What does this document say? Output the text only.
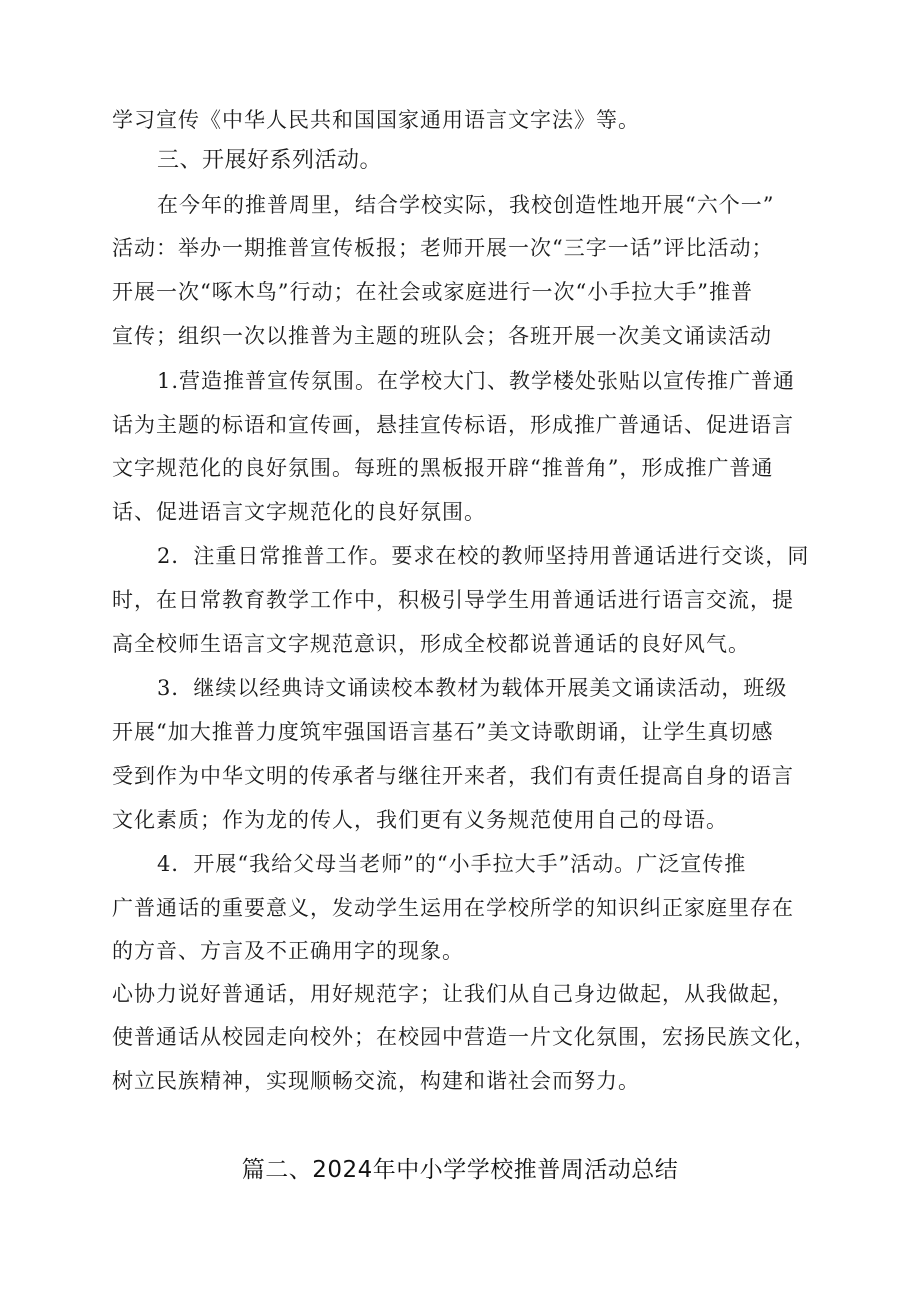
学习宣传《中华人民共和国国家通用语言文字法》等。
三、开展好系列活动。
在今年的推普周里，结合学校实际，我校创造性地开展“六个一”
活动：举办一期推普宣传板报；老师开展一次“三字一话”评比活动；
开展一次“啄木鸟”行动；在社会或家庭进行一次“小手拉大手”推普
宣传；组织一次以推普为主题的班队会；各班开展一次美文诵读活动
1.营造推普宣传氛围。在学校大门、教学楼处张贴以宣传推广普通
话为主题的标语和宣传画，悬挂宣传标语，形成推广普通话、促进语言
文字规范化的良好氛围。每班的黑板报开辟“推普角”，形成推广普通
话、促进语言文字规范化的良好氛围。
2．注重日常推普工作。要求在校的教师坚持用普通话进行交谈，同
时，在日常教育教学工作中，积极引导学生用普通话进行语言交流，提
高全校师生语言文字规范意识，形成全校都说普通话的良好风气。
3．继续以经典诗文诵读校本教材为载体开展美文诵读活动，班级
开展“加大推普力度筑牢强国语言基石”美文诗歌朗诵，让学生真切感
受到作为中华文明的传承者与继往开来者，我们有责任提高自身的语言
文化素质；作为龙的传人，我们更有义务规范使用自己的母语。
4．开展“我给父母当老师”的“小手拉大手”活动。广泛宣传推
广普通话的重要意义，发动学生运用在学校所学的知识纠正家庭里存在
的方音、方言及不正确用字的现象。
心协力说好普通话，用好规范字；让我们从自己身边做起，从我做起，
使普通话从校园走向校外；在校园中营造一片文化氛围，宏扬民族文化，
树立民族精神，实现顺畅交流，构建和谐社会而努力。
篇二、2024年中小学学校推普周活动总结
